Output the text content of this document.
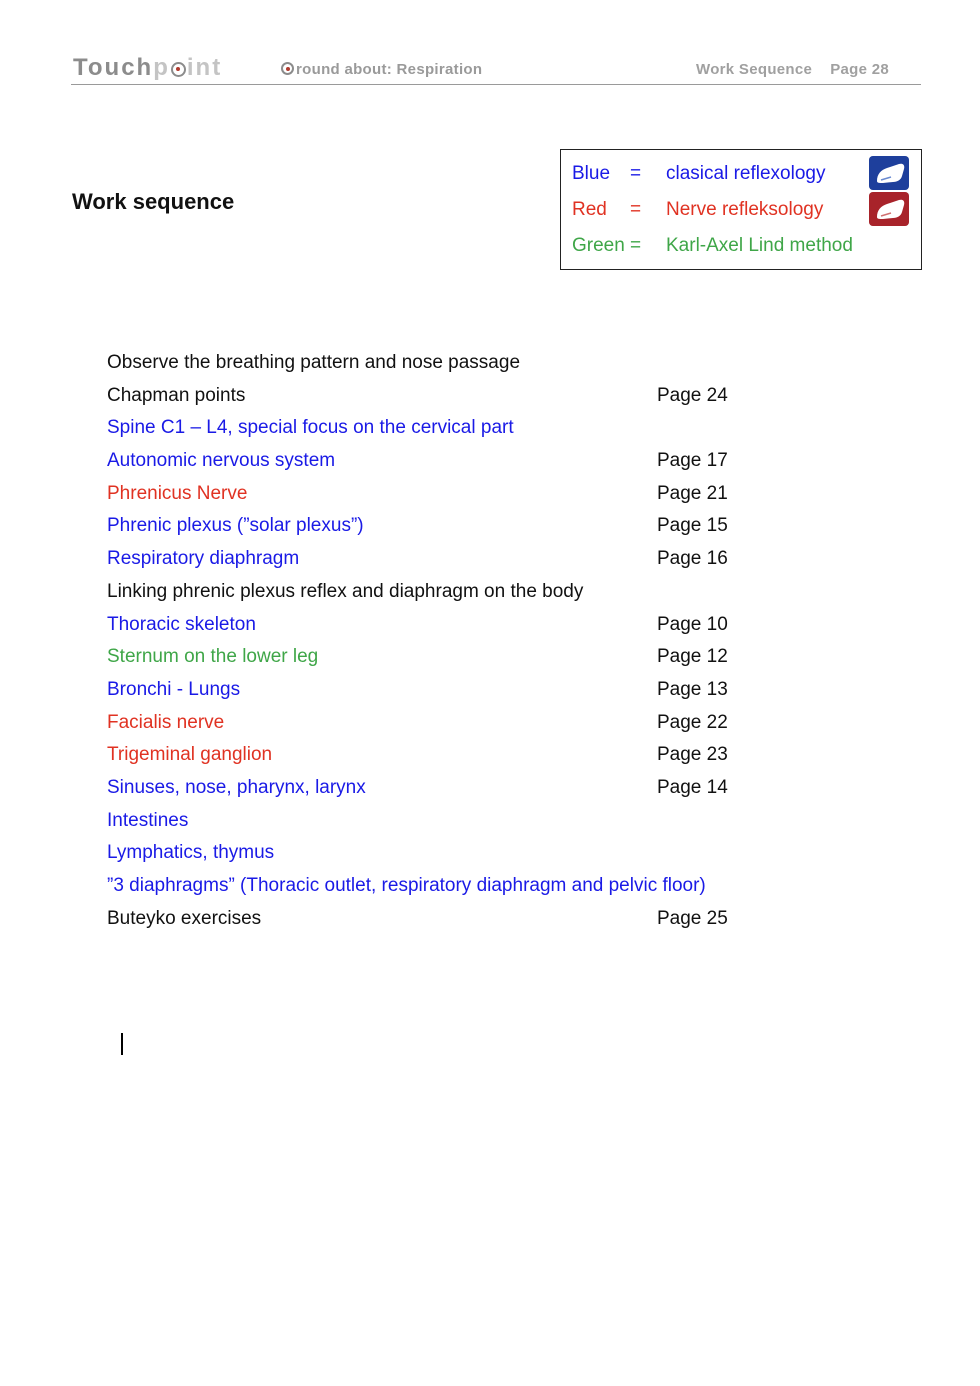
Touchp int	round about: Respiration	Work Sequence Page 28
Work sequence
Blue = clasical reflexology
Red = Nerve refleksology
Green = Karl-Axel Lind method
Observe the breathing pattern and nose passage
Chapman points	Page 24
Spine C1 – L4, special focus on the cervical part
Autonomic nervous system	Page 17
Phrenicus Nerve	Page 21
Phrenic plexus (”solar plexus”)	Page 15
Respiratory diaphragm	Page 16
Linking phrenic plexus reflex and diaphragm on the body
Thoracic skeleton	Page 10
Sternum on the lower leg	Page 12
Bronchi - Lungs	Page 13
Facialis nerve	Page 22
Trigeminal ganglion	Page 23
Sinuses, nose, pharynx, larynx	Page 14
Intestines
Lymphatics, thymus
”3 diaphragms” (Thoracic outlet, respiratory diaphragm and pelvic floor)
Buteyko exercises	Page 25
